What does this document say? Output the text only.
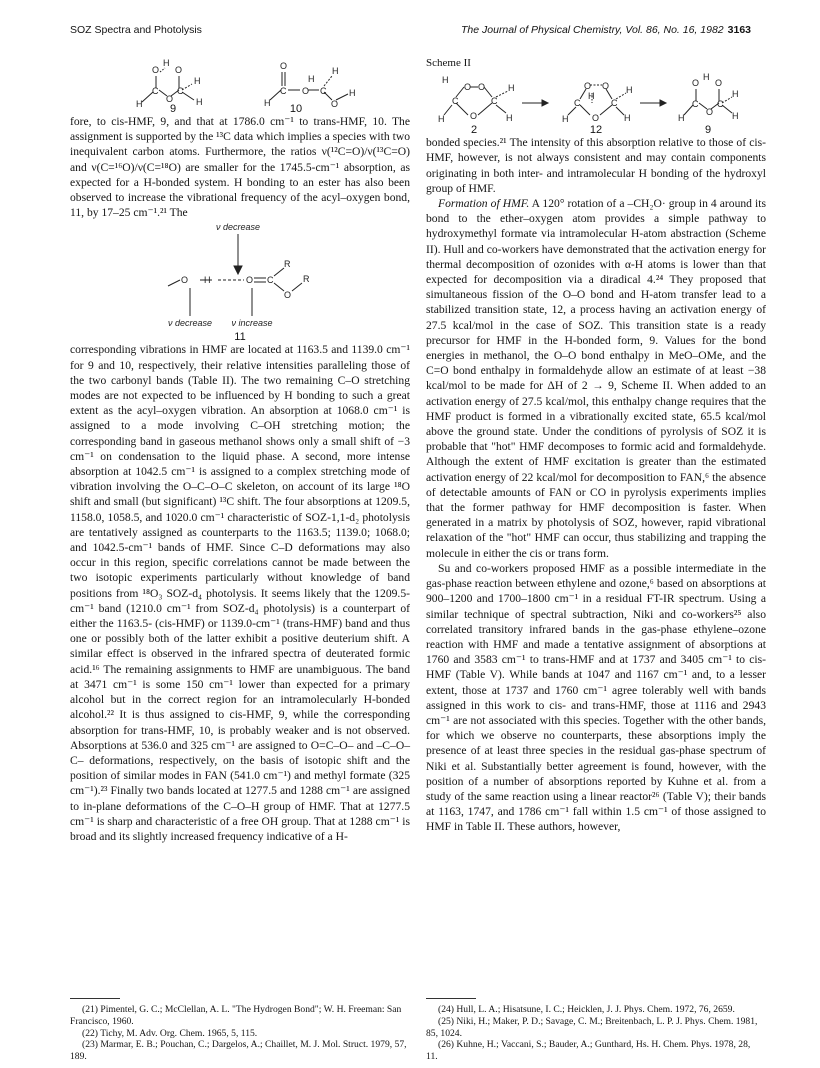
SOZ Spectra and Photolysis	The Journal of Physical Chemistry, Vol. 86, No. 16, 1982 3163
O
H
O
C
O
C
H
H
H
O
C O C
H
H
H	O
H
9	10

fore, to cis-HMF, 9, and that at 1786.0 cm⁻¹ to trans-HMF, 10. The assignment is supported by the ¹³C data which implies a species with two inequivalent carbon atoms. Furthermore, the ratios ν(¹²C=O)/ν(¹³C=O) and ν(C=¹⁶O)/ν(C=¹⁸O) are smaller for the 1745.5-cm⁻¹ absorption, as expected for a H-bonded system. H bonding to an ester has also been observed to increase the vibrational frequency of the acyl–oxygen bond, 11, by 17–25 cm⁻¹.²¹ The

O H	O C
R
O
R
ν decrease
ν decrease ν increase
11

corresponding vibrations in HMF are located at 1163.5 and 1139.0 cm⁻¹ for 9 and 10, respectively, their relative intensities paralleling those of the two carbonyl bands (Table II). The two remaining C–O stretching modes are not expected to be influenced by H bonding to such a great extent as the acyl–oxygen vibration. An absorption at 1068.0 cm⁻¹ is assigned to a mode involving C–OH stretching motion; the corresponding band in gaseous methanol shows only a small shift of −3 cm⁻¹ on condensation to the liquid phase. A second, more intense absorption at 1042.5 cm⁻¹ is assigned to a complex stretching mode of vibration involving the O–C–O–C skeleton, on account of its large ¹⁸O shift and small (but significant) ¹³C shift. The four absorptions at 1209.5, 1158.0, 1058.5, and 1020.0 cm⁻¹ characteristic of SOZ-1,1-d₂ photolysis are tentatively assigned as counterparts to the 1163.5; 1139.0; 1068.0; and 1042.5-cm⁻¹ bands of HMF. Since C–D deformations may also occur in this region, specific correlations cannot be made between the two isotopic experiments particularly without knowledge of band positions from ¹⁸O₃ SOZ-d₄ photolysis. It seems likely that the 1209.5-cm⁻¹ band (1210.0 cm⁻¹ from SOZ-d₄ photolysis) is a counterpart of either the 1163.5- (cis-HMF) or 1139.0-cm⁻¹ (trans-HMF) band and thus one or possibly both of the latter exhibit a positive deuterium shift. A similar effect is observed in the infrared spectra of deuterated formic acid.¹⁶ The remaining assignments to HMF are unambiguous. The band at 3471 cm⁻¹ is some 150 cm⁻¹ lower than expected for a primary alcohol but in the correct region for an intramolecularly H-bonded alcohol.²² It is thus assigned to cis-HMF, 9, while the corresponding absorption for trans-HMF, 10, is probably weaker and is not observed. Absorptions at 536.0 and 325 cm⁻¹ are assigned to O=C–O– and –C–O–C– deformations, respectively, on the basis of isotopic shift and the position of similar modes in FAN (541.0 cm⁻¹) and methyl formate (325 cm⁻¹).²³ Finally two bands located at 1277.5 and 1288 cm⁻¹ are assigned to in-plane deformations of the C–O–H group of HMF. That at 1277.5 cm⁻¹ is sharp and characteristic of a free OH group. That at 1288 cm⁻¹ is broad and its slightly increased frequency indicative of a H-

Scheme II
H
O O
C
O
C
H
H	H
O O
H
C
O
C
H
H	H
O
H
O
C
O
C
H
H	H
2	12	9

bonded species.²¹ The intensity of this absorption relative to those of cis-HMF, however, is not always consistent and may contain components originating in both inter- and intramolecular H bonding of the hydroxyl group of HMF.

Formation of HMF. A 120° rotation of a –CH₂O· group in 4 around its bond to the ether–oxygen atom provides a simple pathway to hydroxymethyl formate via intramolecular H-atom abstraction (Scheme II). Hull and co-workers have demonstrated that the activation energy for thermal decomposition of ozonides with α-H atoms is lower than that expected for decomposition via a diradical 4.²⁴ They proposed that simultaneous fission of the O–O bond and H-atom transfer lead to a stabilized transition state, 12, a process having an activation energy of 27.5 kcal/mol in the case of SOZ. This transition state is a ready precursor for HMF in the H-bonded form, 9. Values for the bond energies in methanol, the O–O bond enthalpy in MeO–OMe, and the C=O bond enthalpy in formaldehyde allow an estimate of at least −38 kcal/mol to be made for ΔH of 2 → 9, Scheme II. When added to an activation energy of 27.5 kcal/mol, this enthalpy change requires that the HMF product is formed in a vibrationally excited state, 65.5 kcal/mol above the ground state. Under the conditions of pyrolysis of SOZ it is probable that "hot" HMF decomposes to formic acid and formaldehyde. Although the extent of HMF excitation is greater than the estimated activation energy of 22 kcal/mol for decomposition to FAN,⁶ the absence of detectable amounts of FAN or CO in pyrolysis experiments implies that the former pathway for HMF decomposition is faster. When generated in a matrix by photolysis of SOZ, however, rapid vibrational relaxation of the "hot" HMF can occur, thus stabilizing and trapping the molecule in either the cis or trans form.

Su and co-workers proposed HMF as a possible intermediate in the gas-phase reaction between ethylene and ozone,⁶ based on absorptions at 900–1200 and 1700–1800 cm⁻¹ in a residual FT-IR spectrum. Using a similar technique of spectral subtraction, Niki and co-workers²⁵ also correlated transitory infrared bands in the gas-phase ethylene–ozone reaction with HMF and made a tentative assignment of absorptions at 1760 and 3583 cm⁻¹ to trans-HMF and at 1737 and 3405 cm⁻¹ to cis-HMF (Table V). While bands at 1047 and 1167 cm⁻¹ and, to a lesser extent, those at 1737 and 1760 cm⁻¹ agree tolerably well with bands assigned in this work to cis- and trans-HMF, those at 1116 and 2943 cm⁻¹ are not associated with this species. Together with the other bands, for which we observe no counterparts, these absorptions imply the presence of at least three species in the residual gas-phase spectrum of Niki et al. Substantially better agreement is found, however, with the position of a number of absorptions reported by Kuhne et al. from a study of the same reaction using a linear reactor²⁶ (Table V); their bands at 1163, 1747, and 1786 cm⁻¹ fall within 1.5 cm⁻¹ of those assigned to HMF in Table II. These authors, however,

(21) Pimentel, G. C.; McClellan, A. L. "The Hydrogen Bond"; W. H. Freeman: San Francisco, 1960.
(22) Tichy, M. Adv. Org. Chem. 1965, 5, 115.
(23) Marmar, E. B.; Pouchan, C.; Dargelos, A.; Chaillet, M. J. Mol. Struct. 1979, 57, 189.
(24) Hull, L. A.; Hisatsune, I. C.; Heicklen, J. J. Phys. Chem. 1972, 76, 2659.
(25) Niki, H.; Maker, P. D.; Savage, C. M.; Breitenbach, L. P. J. Phys. Chem. 1981, 85, 1024.
(26) Kuhne, H.; Vaccani, S.; Bauder, A.; Gunthard, Hs. H. Chem. Phys. 1978, 28, 11.
